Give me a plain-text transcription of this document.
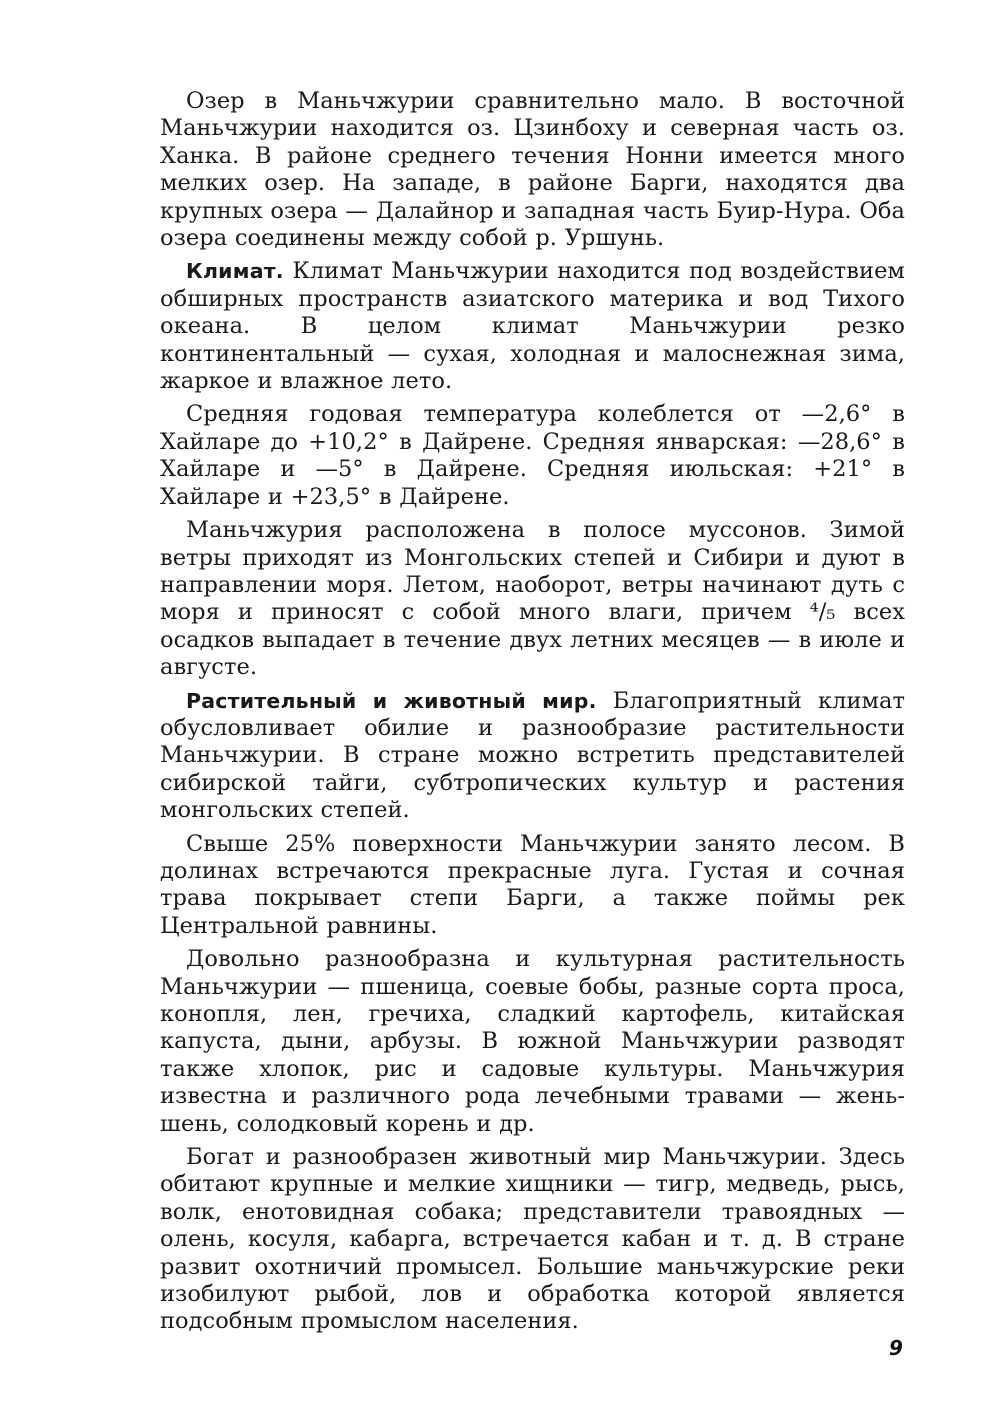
Озер в Маньчжурии сравнительно мало. В восточной Маньчжурии находится оз. Цзинбоху и северная часть оз. Ханка. В районе среднего течения Нонни имеется много мелких озер. На западе, в районе Барги, находятся два крупных озера — Далайнор и западная часть Буир-Нура. Оба озера соединены между собой р. Уршунь.

Климат. Климат Маньчжурии находится под воздействием обширных пространств азиатского материка и вод Тихого океана. В целом климат Маньчжурии резко континентальный — сухая, холодная и малоснежная зима, жаркое и влажное лето.

Средняя годовая температура колеблется от —2,6° в Хайларе до +10,2° в Дайрене. Средняя январская: —28,6° в Хайларе и —5° в Дайрене. Средняя июльская: +21° в Хайларе и +23,5° в Дайрене.

Маньчжурия расположена в полосе муссонов. Зимой ветры приходят из Монгольских степей и Сибири и дуют в направлении моря. Летом, наоборот, ветры начинают дуть с моря и приносят с собой много влаги, причем ⁴/₅ всех осадков выпадает в течение двух летних месяцев — в июле и августе.

Растительный и животный мир. Благоприятный климат обусловливает обилие и разнообразие растительности Маньчжурии. В стране можно встретить представителей сибирской тайги, субтропических культур и растения монгольских степей.

Свыше 25% поверхности Маньчжурии занято лесом. В долинах встречаются прекрасные луга. Густая и сочная трава покрывает степи Барги, а также поймы рек Центральной равнины.

Довольно разнообразна и культурная растительность Маньчжурии — пшеница, соевые бобы, разные сорта проса, конопля, лен, гречиха, сладкий картофель, китайская капуста, дыни, арбузы. В южной Маньчжурии разводят также хлопок, рис и садовые культуры. Маньчжурия известна и различного рода лечебными травами — жень-шень, солодковый корень и др.

Богат и разнообразен животный мир Маньчжурии. Здесь обитают крупные и мелкие хищники — тигр, медведь, рысь, волк, енотовидная собака; представители травоядных — олень, косуля, кабарга, встречается кабан и т. д. В стране развит охотничий промысел. Большие маньчжурские реки изобилуют рыбой, лов и обработка которой является подсобным промыслом населения.

9
